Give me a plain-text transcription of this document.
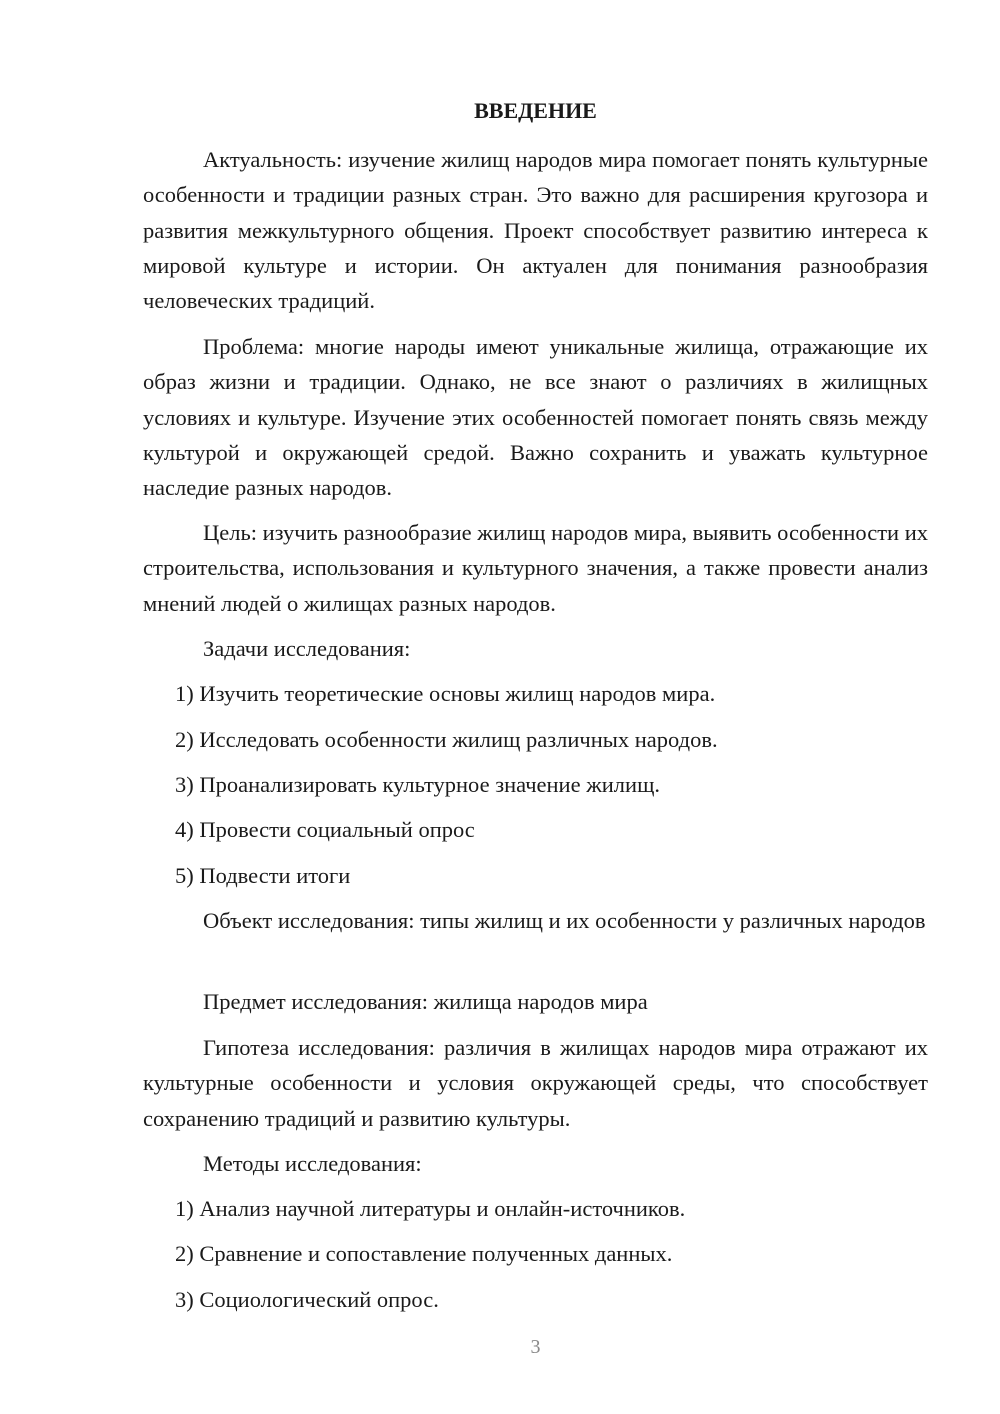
ВВЕДЕНИЕ

Актуальность: изучение жилищ народов мира помогает понять культурные особенности и традиции разных стран. Это важно для расширения кругозора и развития межкультурного общения. Проект способствует развитию интереса к мировой культуре и истории. Он актуален для понимания разнообразия человеческих традиций.

Проблема: многие народы имеют уникальные жилища, отражающие их образ жизни и традиции. Однако, не все знают о различиях в жилищных условиях и культуре. Изучение этих особенностей помогает понять связь между культурой и окружающей средой. Важно сохранить и уважать культурное наследие разных народов.

Цель: изучить разнообразие жилищ народов мира, выявить особенности их строительства, использования и культурного значения, а также провести анализ мнений людей о жилищах разных народов.

Задачи исследования:

1) Изучить теоретические основы жилищ народов мира.

2) Исследовать особенности жилищ различных народов.

3) Проанализировать культурное значение жилищ.

4) Провести социальный опрос

5) Подвести итоги

Объект исследования: типы жилищ и их особенности у различных народов

Предмет исследования: жилища народов мира

Гипотеза исследования: различия в жилищах народов мира отражают их культурные особенности и условия окружающей среды, что способствует сохранению традиций и развитию культуры.

Методы исследования:

1) Анализ научной литературы и онлайн-источников.

2) Сравнение и сопоставление полученных данных.

3) Социологический опрос.

3
